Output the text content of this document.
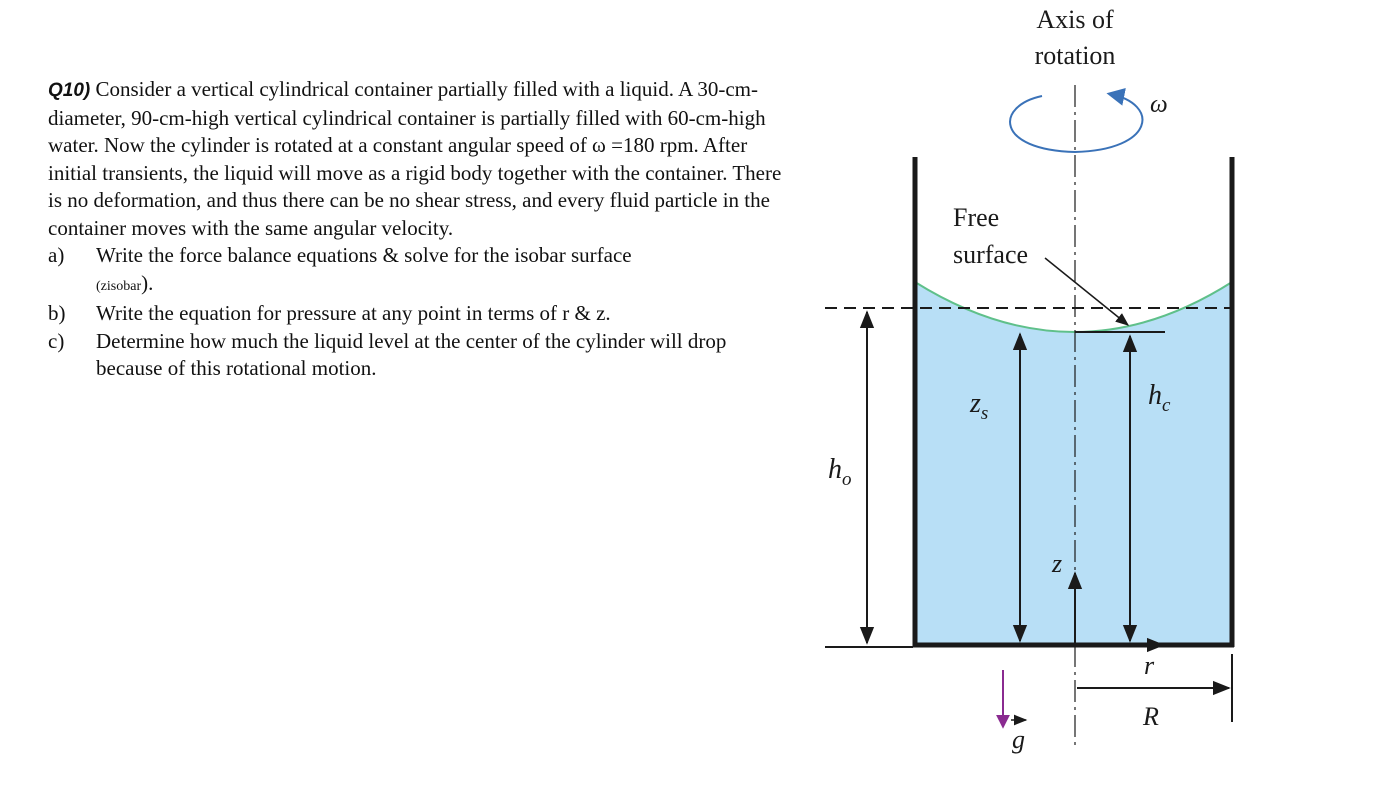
Q10) Consider a vertical cylindrical container partially filled with a liquid. A 30-cm-diameter, 90-cm-high vertical cylindrical container is partially filled with 60-cm-high water. Now the cylinder is rotated at a constant angular speed of ω =180 rpm. After initial transients, the liquid will move as a rigid body together with the container. There is no deformation, and thus there can be no shear stress, and every fluid particle in the container moves with the same angular velocity.

a) Write the force balance equations & solve for the isobar surface
(zisobar).
b) Write the equation for pressure at any point in terms of r & z.
c) Determine how much the liquid level at the center of the cylinder will drop because of this rotational motion.
Axis of
rotation
ω
Free
surface
$z_s$
$h_c$
$h_o$
z
r
R
g
